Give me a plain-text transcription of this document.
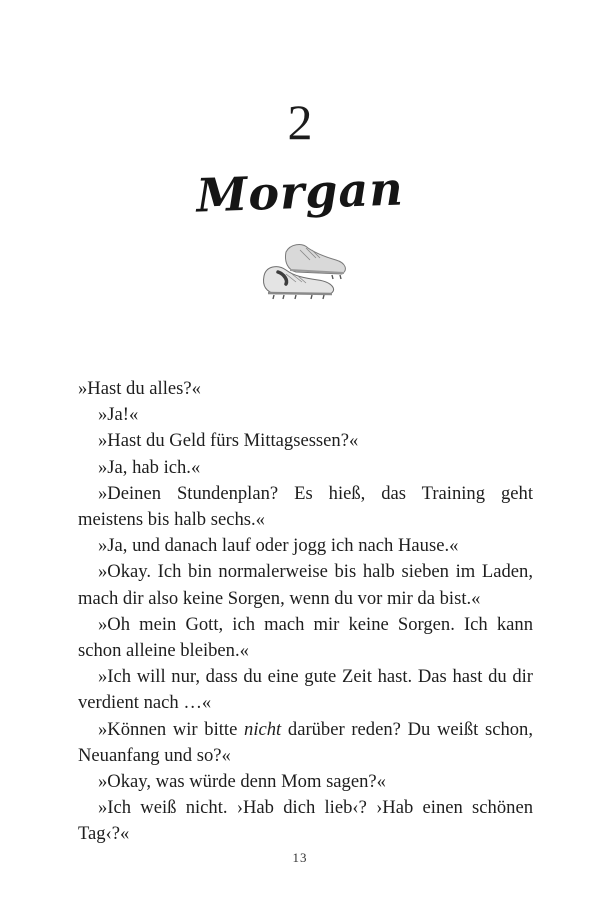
2
Morgan

»Hast du alles?«

»Ja!«

»Hast du Geld fürs Mittagsessen?«

»Ja, hab ich.«

»Deinen Stundenplan? Es hieß, das Training geht meistens bis halb sechs.«

»Ja, und danach lauf oder jogg ich nach Hause.«

»Okay. Ich bin normalerweise bis halb sieben im Laden, mach dir also keine Sorgen, wenn du vor mir da bist.«

»Oh mein Gott, ich mach mir keine Sorgen. Ich kann schon alleine bleiben.«

»Ich will nur, dass du eine gute Zeit hast. Das hast du dir verdient nach …«

»Können wir bitte nicht darüber reden? Du weißt schon, Neuanfang und so?«

»Okay, was würde denn Mom sagen?«

»Ich weiß nicht. ›Hab dich lieb‹? ›Hab einen schönen Tag‹?«

13
